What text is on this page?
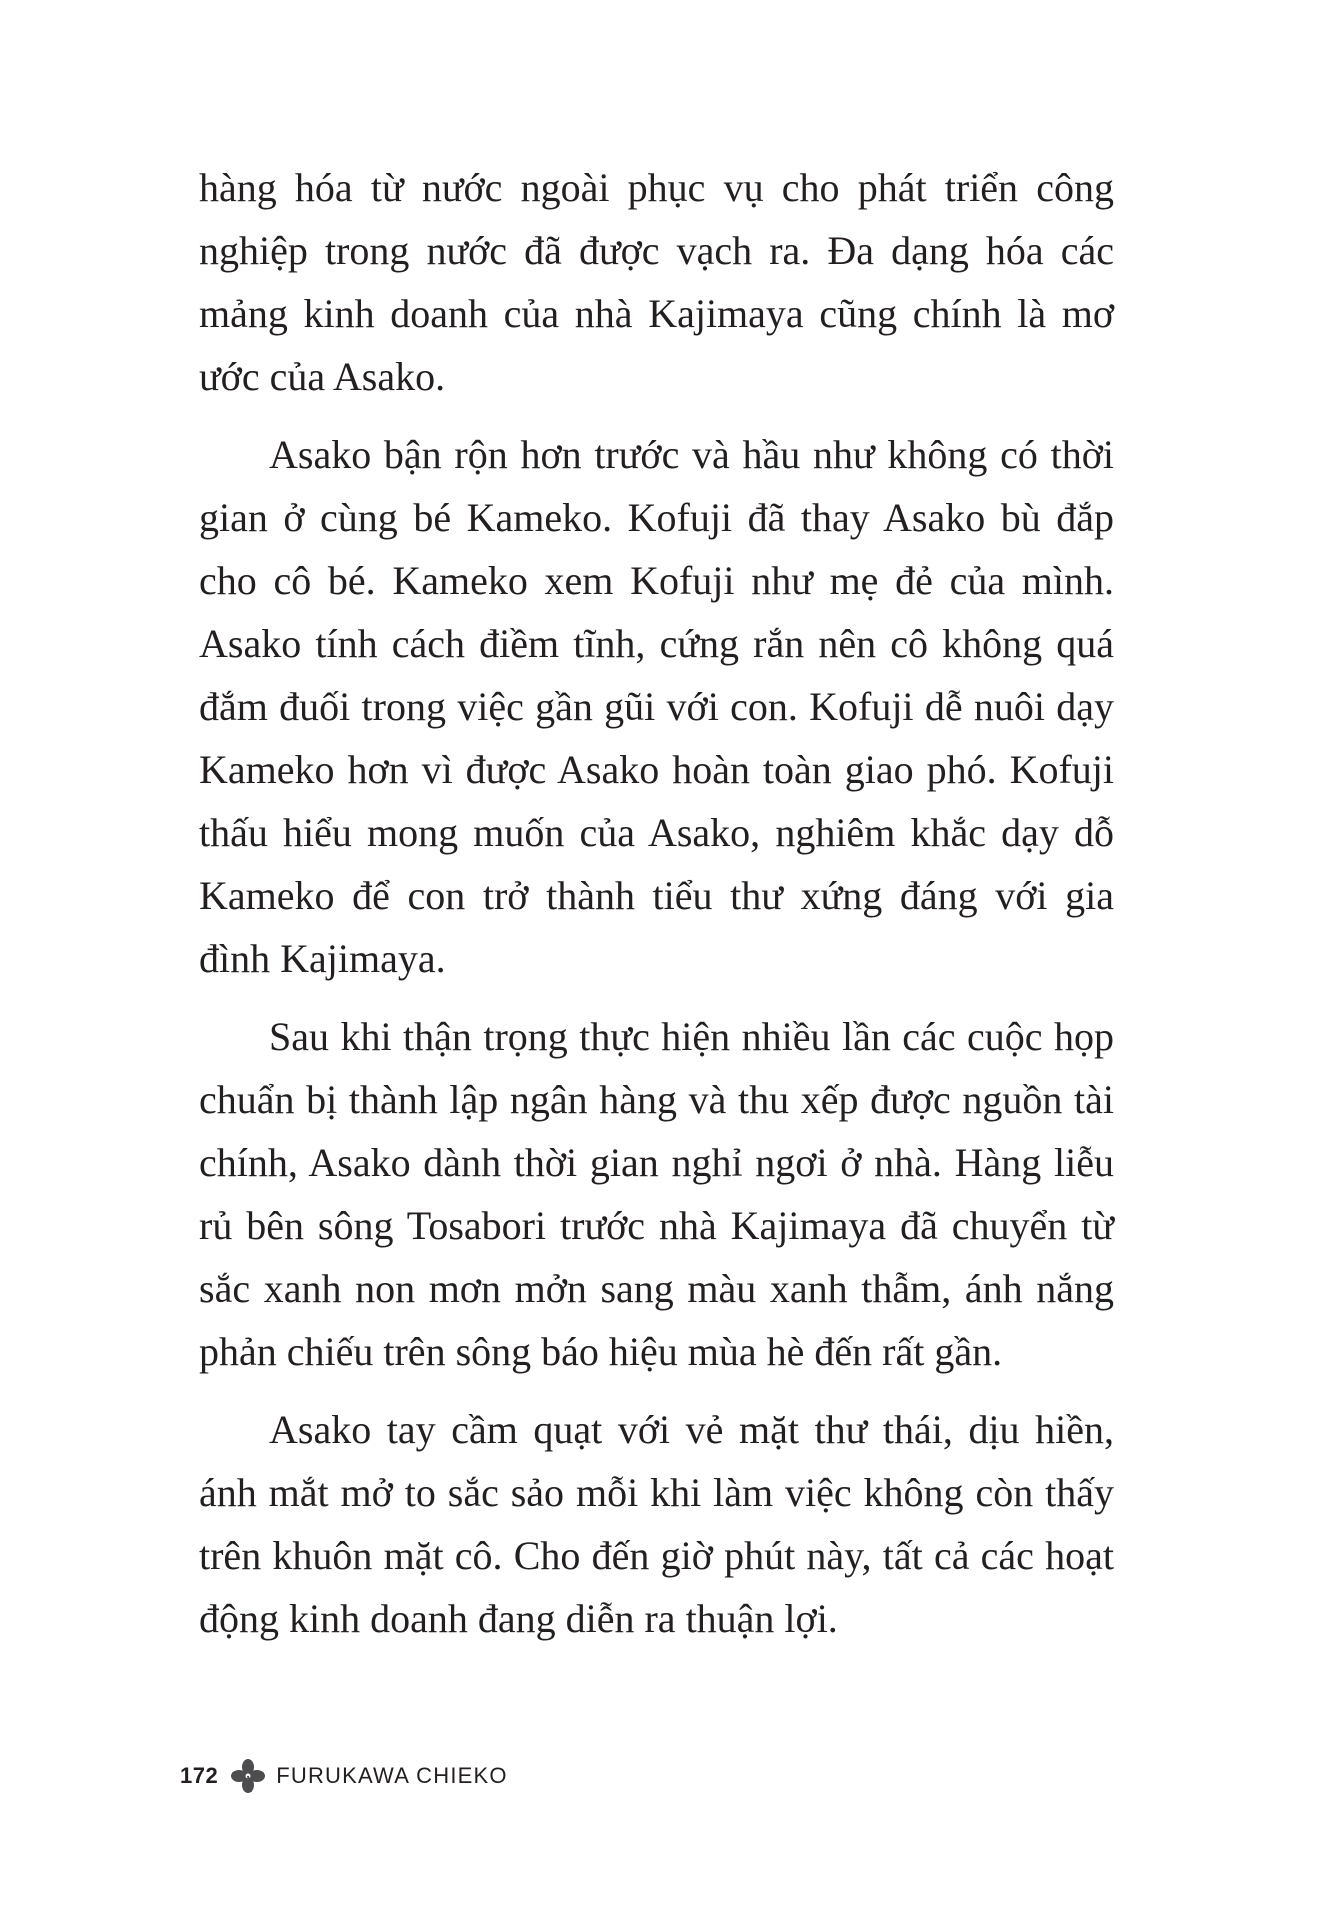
hàng hóa từ nước ngoài phục vụ cho phát triển công nghiệp trong nước đã được vạch ra. Đa dạng hóa các mảng kinh doanh của nhà Kajimaya cũng chính là mơ ước của Asako.

Asako bận rộn hơn trước và hầu như không có thời gian ở cùng bé Kameko. Kofuji đã thay Asako bù đắp cho cô bé. Kameko xem Kofuji như mẹ đẻ của mình. Asako tính cách điềm tĩnh, cứng rắn nên cô không quá đắm đuối trong việc gần gũi với con. Kofuji dễ nuôi dạy Kameko hơn vì được Asako hoàn toàn giao phó. Kofuji thấu hiểu mong muốn của Asako, nghiêm khắc dạy dỗ Kameko để con trở thành tiểu thư xứng đáng với gia đình Kajimaya.

Sau khi thận trọng thực hiện nhiều lần các cuộc họp chuẩn bị thành lập ngân hàng và thu xếp được nguồn tài chính, Asako dành thời gian nghỉ ngơi ở nhà. Hàng liễu rủ bên sông Tosabori trước nhà Kajimaya đã chuyển từ sắc xanh non mơn mởn sang màu xanh thẫm, ánh nắng phản chiếu trên sông báo hiệu mùa hè đến rất gần.

Asako tay cầm quạt với vẻ mặt thư thái, dịu hiền, ánh mắt mở to sắc sảo mỗi khi làm việc không còn thấy trên khuôn mặt cô. Cho đến giờ phút này, tất cả các hoạt động kinh doanh đang diễn ra thuận lợi.

172	FURUKAWA CHIEKO
